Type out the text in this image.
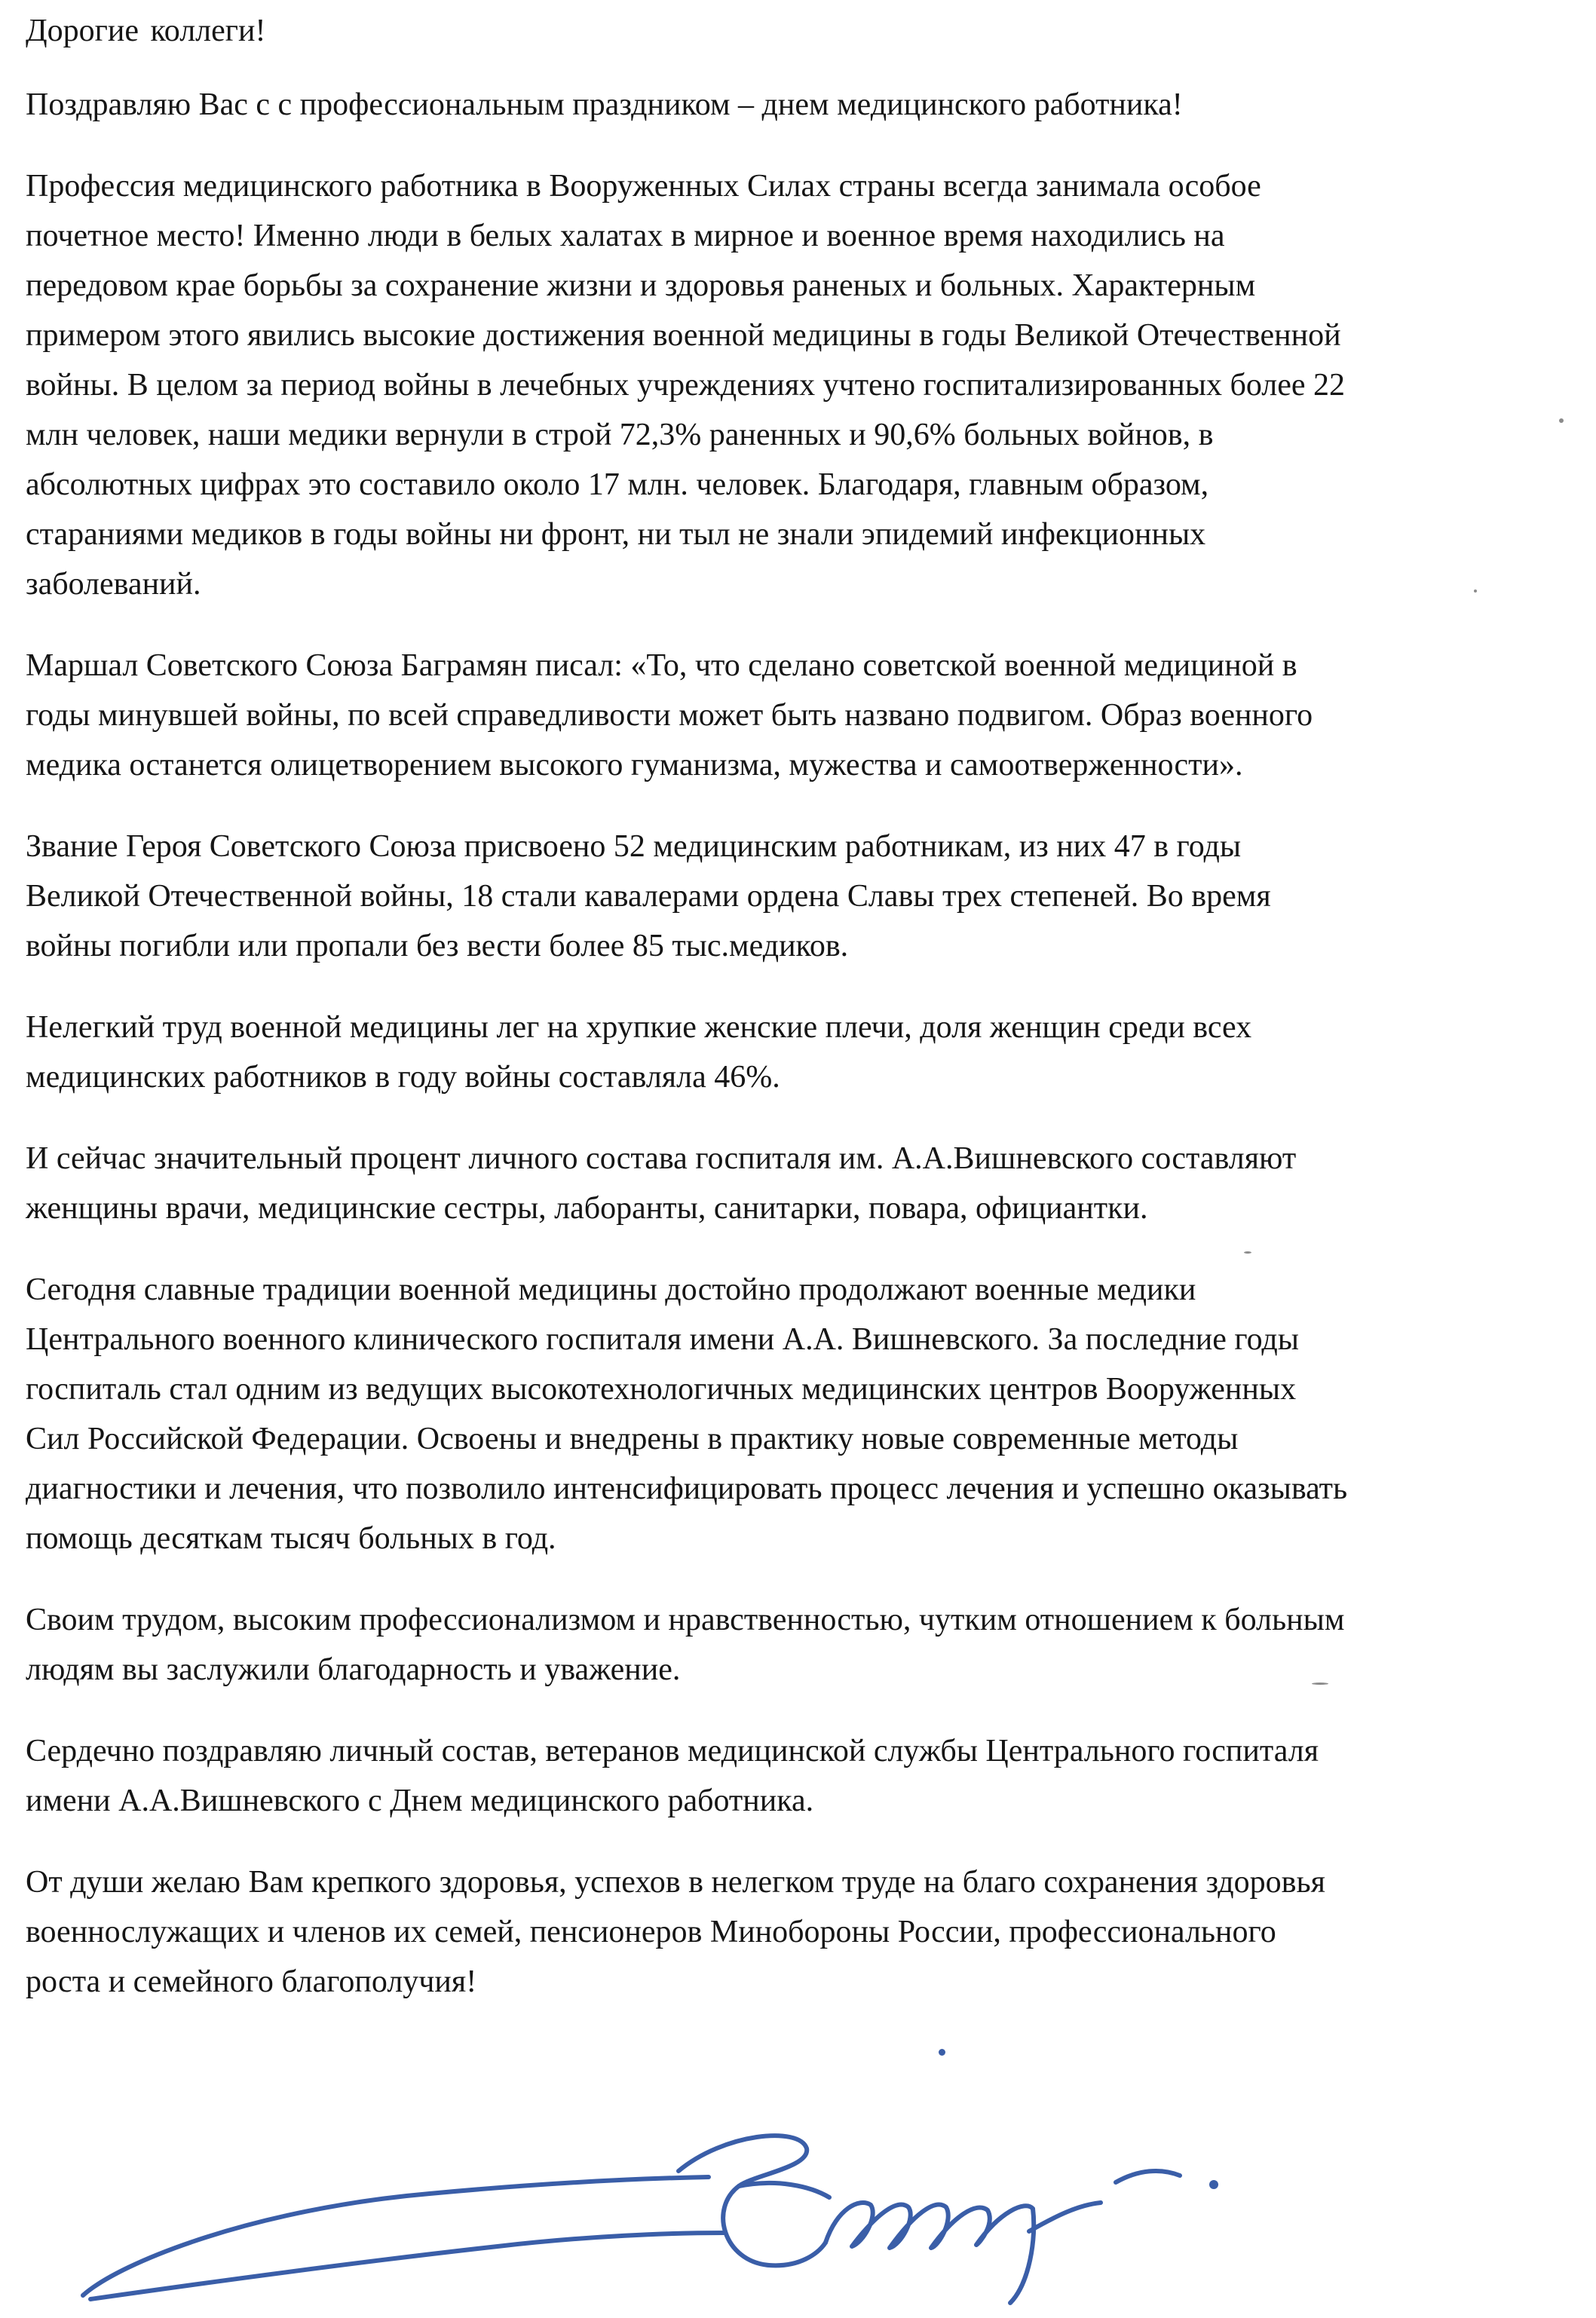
Дорогие коллеги!

Поздравляю Вас с с профессиональным праздником – днем медицинского работника!
Профессия медицинского работника в Вооруженных Силах страны всегда занимала особое
почетное место! Именно люди в белых халатах в мирное и военное время находились на
передовом крае борьбы за сохранение жизни и здоровья раненых и больных. Характерным
примером этого явились высокие достижения военной медицины в годы Великой Отечественной
войны. В целом за период войны в лечебных учреждениях учтено госпитализированных более 22
млн человек, наши медики вернули в строй 72,3% раненных и 90,6% больных войнов, в
абсолютных цифрах это составило около 17 млн. человек. Благодаря, главным образом,
стараниями медиков в годы войны ни фронт, ни тыл не знали эпидемий инфекционных
заболеваний.
Маршал Советского Союза Баграмян писал: «То, что сделано советской военной медициной в
годы минувшей войны, по всей справедливости может быть названо подвигом. Образ военного
медика останется олицетворением высокого гуманизма, мужества и самоотверженности».
Звание Героя Советского Союза присвоено 52 медицинским работникам, из них 47 в годы
Великой Отечественной войны, 18 стали кавалерами ордена Славы трех степеней. Во время
войны погибли или пропали без вести более 85 тыс.медиков.
Нелегкий труд военной медицины лег на хрупкие женские плечи, доля женщин среди всех
медицинских работников в году войны составляла 46%.
И сейчас значительный процент личного состава госпиталя им. А.А.Вишневского составляют
женщины врачи, медицинские сестры, лаборанты, санитарки, повара, официантки.
Сегодня славные традиции военной медицины достойно продолжают военные медики
Центрального военного клинического госпиталя имени А.А. Вишневского. За последние годы
госпиталь стал одним из ведущих высокотехнологичных медицинских центров Вооруженных
Сил Российской Федерации. Освоены и внедрены в практику новые современные методы
диагностики и лечения, что позволило интенсифицировать процесс лечения и успешно оказывать
помощь десяткам тысяч больных в год.
Своим трудом, высоким профессионализмом и нравственностью, чутким отношением к больным
людям вы заслужили благодарность и уважение.
Сердечно поздравляю личный состав, ветеранов медицинской службы Центрального госпиталя
имени А.А.Вишневского с Днем медицинского работника.
От души желаю Вам крепкого здоровья, успехов в нелегком труде на благо сохранения здоровья
военнослужащих и членов их семей, пенсионеров Минобороны России, профессионального
роста и семейного благополучия!
